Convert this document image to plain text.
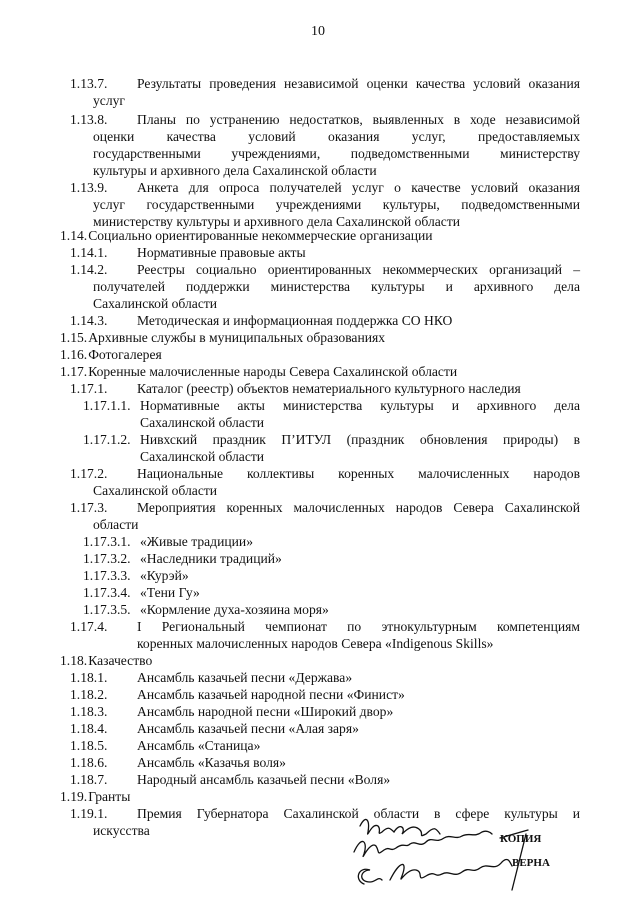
10
1.13.7. Результаты проведения независимой оценки качества условий оказания
услуг
1.13.8. Планы по устранению недостатков, выявленных в ходе независимой
оценки качества условий оказания услуг, предоставляемых
государственными учреждениями, подведомственными министерству
культуры и архивного дела Сахалинской области
1.13.9. Анкета для опроса получателей услуг о качестве условий оказания
услуг государственными учреждениями культуры, подведомственными
министерству культуры и архивного дела Сахалинской области
1.14. Социально ориентированные некоммерческие организации
1.14.1. Нормативные правовые акты
1.14.2. Реестры социально ориентированных некоммерческих организаций –
получателей поддержки министерства культуры и архивного дела
Сахалинской области
1.14.3. Методическая и информационная поддержка СО НКО
1.15. Архивные службы в муниципальных образованиях
1.16. Фотогалерея
1.17. Коренные малочисленные народы Севера Сахалинской области
1.17.1. Каталог (реестр) объектов нематериального культурного наследия
1.17.1.1. Нормативные акты министерства культуры и архивного дела
Сахалинской области
1.17.1.2. Нивхский праздник П’ИТУЛ (праздник обновления природы) в
Сахалинской области
1.17.2. Национальные коллективы коренных малочисленных народов
Сахалинской области
1.17.3. Мероприятия коренных малочисленных народов Севера Сахалинской
области
1.17.3.1. «Живые традиции»
1.17.3.2. «Наследники традиций»
1.17.3.3. «Курэй»
1.17.3.4. «Тени Гу»
1.17.3.5. «Кормление духа-хозяина моря»
1.17.4. I Региональный чемпионат по этнокультурным компетенциям
коренных малочисленных народов Севера «Indigenous Skills»
1.18. Казачество
1.18.1. Ансамбль казачьей песни «Держава»
1.18.2. Ансамбль казачьей народной песни «Финист»
1.18.3. Ансамбль народной песни «Широкий двор»
1.18.4. Ансамбль казачьей песни «Алая заря»
1.18.5. Ансамбль «Станица»
1.18.6. Ансамбль «Казачья воля»
1.18.7. Народный ансамбль казачьей песни «Воля»
1.19. Гранты
1.19.1. Премия Губернатора Сахалинской области в сфере культуры и
искусства
КОПИЯ
ВЕРНА
